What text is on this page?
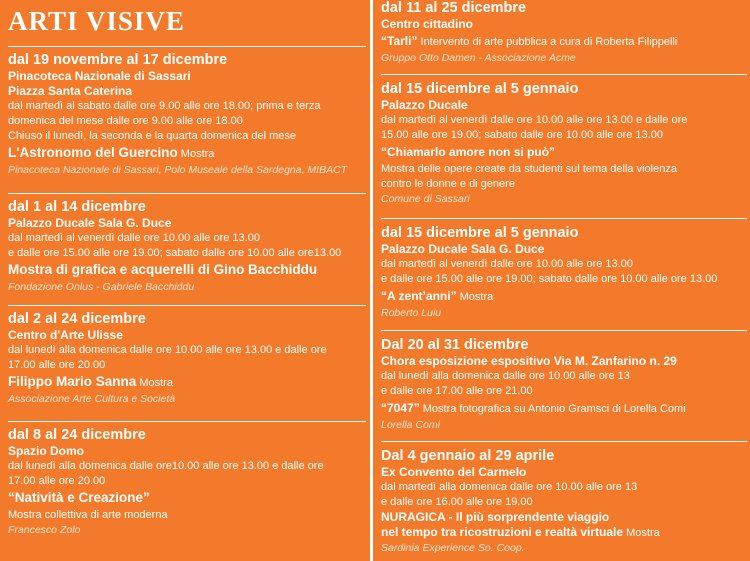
ARTI VISIVE

dal 19 novembre al 17 dicembre

Pinacoteca Nazionale di Sassari

Piazza Santa Caterina

dal martedì al sabato dalle ore 9.00 alle ore 18.00; prima e terza

domenica del mese dalle ore 9.00 alle ore 18.00

Chiuso il lunedì, la seconda e la quarta domenica del mese

L'Astronomo del Guercino Mostra

Pinacoteca Nazionale di Sassari, Polo Museale della Sardegna, MIBACT

dal 1 al 14 dicembre

Palazzo Ducale Sala G. Duce

dal martedì al venerdì dalle ore 10.00 alle ore 13.00

e dalle ore 15.00 alle ore 19.00; sabato dalle ore 10.00 alle ore13.00

Mostra di grafica e acquerelli di Gino Bacchiddu

Fondazione Onlus - Gabriele Bacchiddu

dal 2 al 24 dicembre

Centro d'Arte Ulisse

dal lunedì alla domenica dalle ore 10.00 alle ore 13.00 e dalle ore

17.00 alle ore 20.00

Filippo Mario Sanna Mostra

Associazione Arte Cultura e Società

dal 8 al 24 dicembre

Spazio Domo

dal lunedì alla domenica dalle ore10.00 alle ore 13.00 e dalle ore

17.00 alle ore 20.00

“Natività e Creazione”

Mostra collettiva di arte moderna

Francesco Zolo

dal 11 al 25 dicembre

Centro cittadino

“Tarli” Intervento di arte pubblica a cura di Roberta Filippelli

Gruppo Otto Damen - Associazione Acme

dal 15 dicembre al 5 gennaio

Palazzo Ducale

dal martedì al venerdì dalle ore 10.00 alle ore 13.00 e dalle ore

15.00 alle ore 19.00; sabato dalle ore 10.00 alle ore 13.00

“Chiamarlo amore non si può”

Mostra delle opere create da studenti sul tema della violenza

contro le donne e di genere

Comune di Sassari

dal 15 dicembre al 5 gennaio

Palazzo Ducale Sala G. Duce

dal martedì al venerdì dalle ore 10.00 alle ore 13.00

e dalle ore 15.00 alle ore 19.00; sabato dalle ore 10.00 alle ore 13.00

“A zent’anni” Mostra

Roberto Luiu

Dal 20 al 31 dicembre

Chora esposizione espositivo Via M. Zanfarino n. 29

dal lunedì alla domenica dalle ore 10.00 alle ore 13

e dalle ore 17.00 alle ore 21.00

“7047” Mostra fotografica su Antonio Gramsci di Lorella Comi

Lorella Comi

Dal 4 gennaio al 29 aprile

Ex Convento del Carmelo

dal martedì alla domenica dalle ore 10.00 alle ore 13

e dalle ore 16.00 alle ore 19.00

NURAGICA - Il più sorprendente viaggio

nel tempo tra ricostruzioni e realtà virtuale Mostra

Sardinia Experience So. Coop.
